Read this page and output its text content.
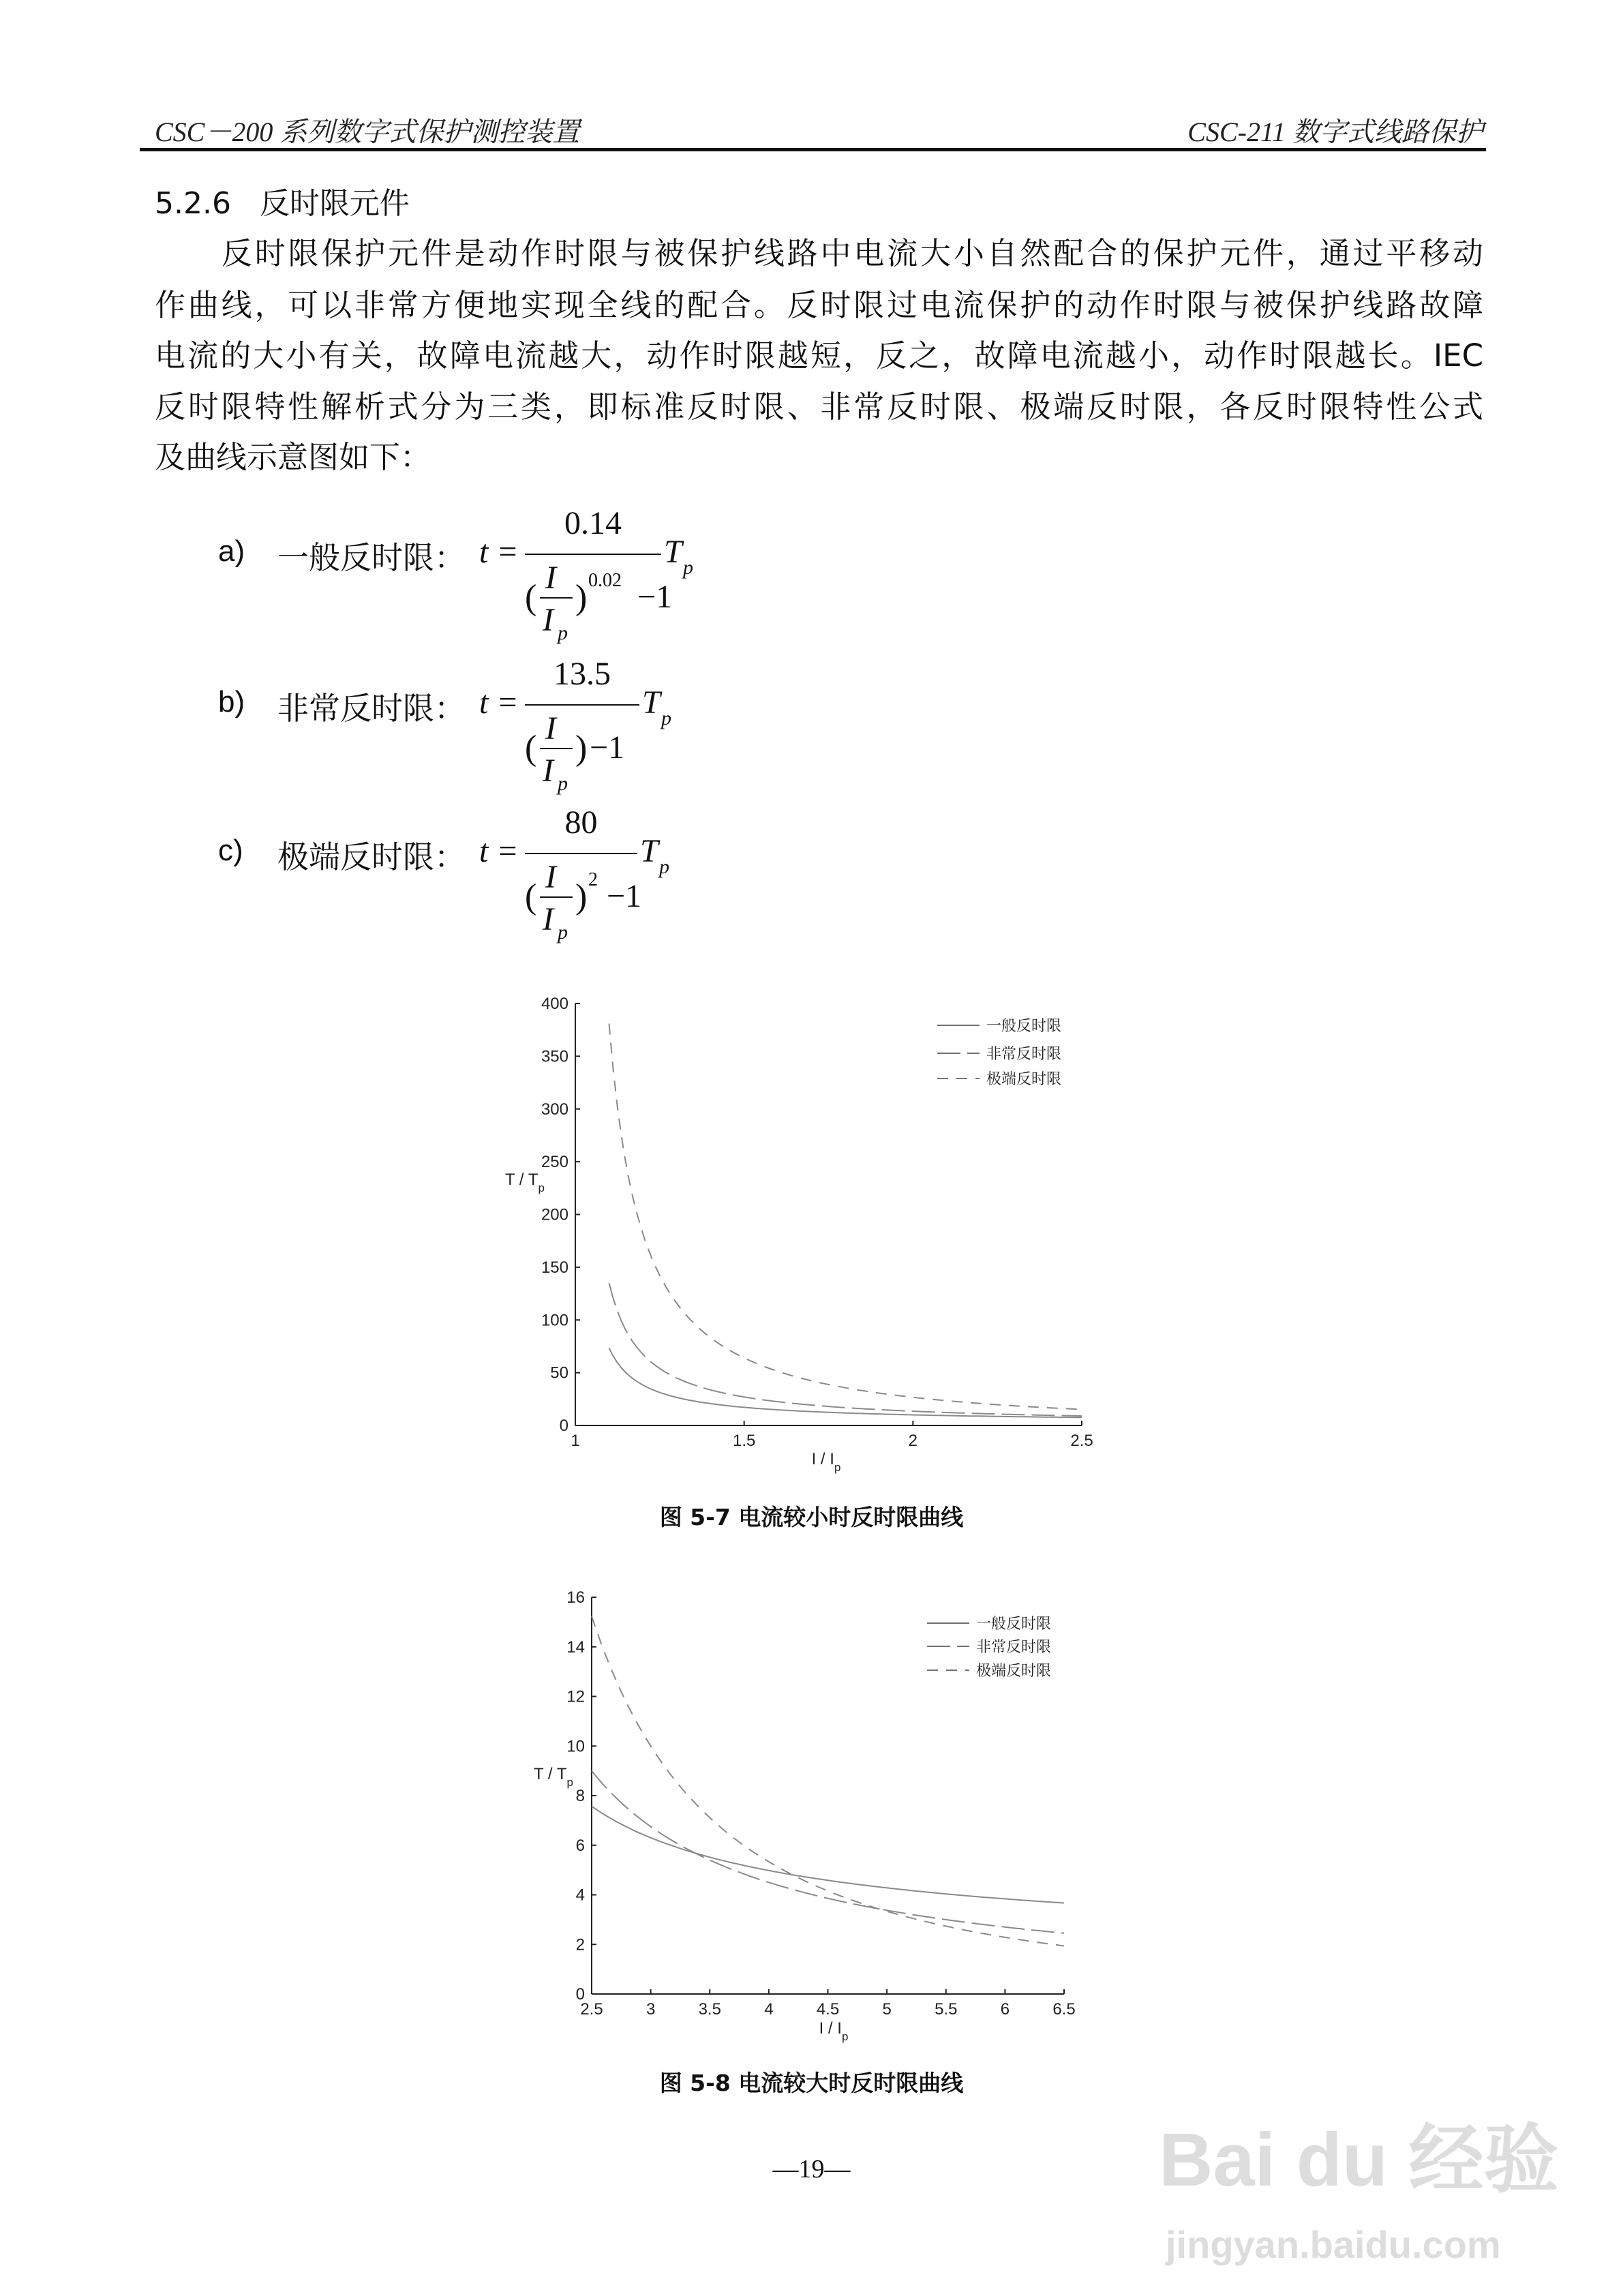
CSC－200 系列数字式保护测控装置	CSC-211 数字式线路保护
5.2.6 反时限元件
反时限保护元件是动作时限与被保护线路中电流大小自然配合的保护元件，通过平移动
作曲线，可以非常方便地实现全线的配合。反时限过电流保护的动作时限与被保护线路故障
电流的大小有关，故障电流越大，动作时限越短，反之，故障电流越小，动作时限越长。IEC
反时限特性解析式分为三类，即标准反时限、非常反时限、极端反时限，各反时限特性公式
及曲线示意图如下：
a) 一般反时限： t =
0.14
(
I
I p
) 0.02 −1
T p
b) 非常反时限： t =
13.5
(
I
I p
) −1
T p
c) 极端反时限： t =
80
(
I
I p
) 2 −1
T p
0
50
100
150
200
250
300
350
400
1	1.5	2	2.5
T / $T_p$
I / $I_p$
一般反时限
非常反时限
极端反时限
0
2
4
6
8
10
12
14
16
2.5	3	3.5	4	4.5	5	5.5	6	6.5
T / $T_p$
I / $I_p$
一般反时限
非常反时限
极端反时限
图 5-7 电流较小时反时限曲线
图 5-8 电流较大时反时限曲线
—19—	Bai du 经验
jingyan.baidu.com
